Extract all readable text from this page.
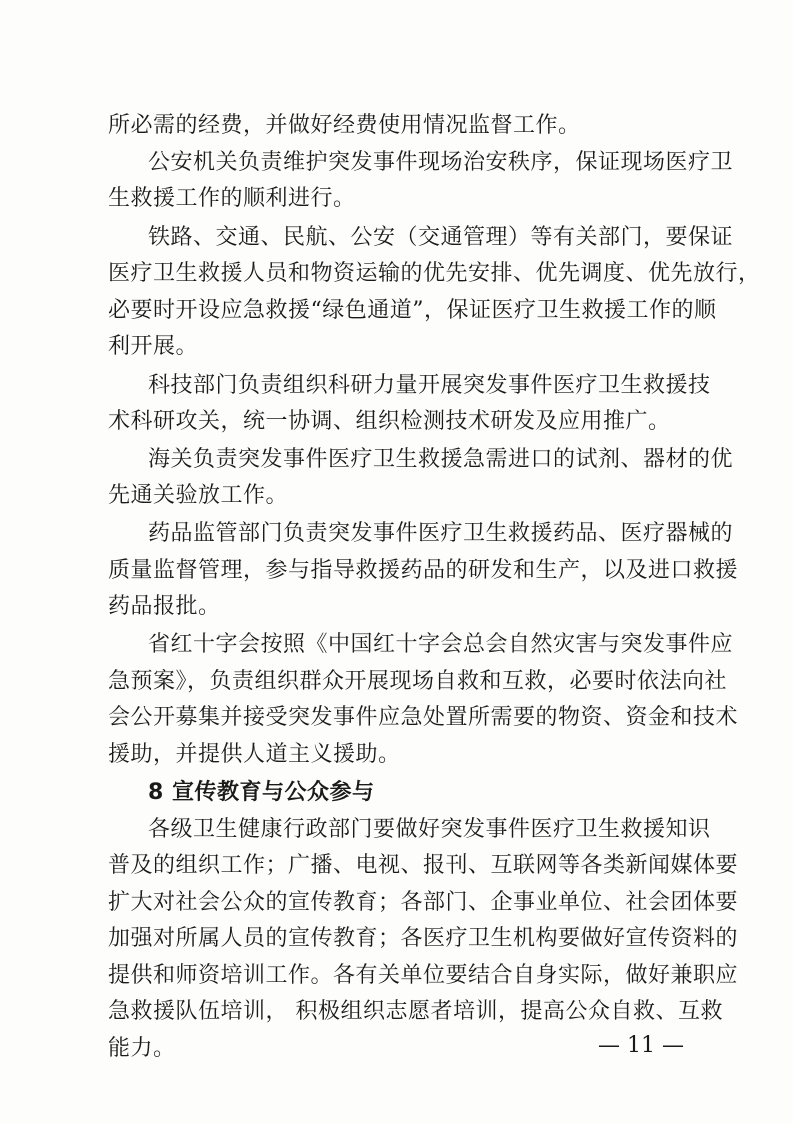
所必需的经费，并做好经费使用情况监督工作。
公安机关负责维护突发事件现场治安秩序，保证现场医疗卫
生救援工作的顺利进行。
铁路、交通、民航、公安（交通管理）等有关部门，要保证
医疗卫生救援人员和物资运输的优先安排、优先调度、优先放行，
必要时开设应急救援“绿色通道”，保证医疗卫生救援工作的顺
利开展。
科技部门负责组织科研力量开展突发事件医疗卫生救援技
术科研攻关，统一协调、组织检测技术研发及应用推广。
海关负责突发事件医疗卫生救援急需进口的试剂、器材的优
先通关验放工作。
药品监管部门负责突发事件医疗卫生救援药品、医疗器械的
质量监督管理，参与指导救援药品的研发和生产，以及进口救援
药品报批。
省红十字会按照《中国红十字会总会自然灾害与突发事件应
急预案》，负责组织群众开展现场自救和互救，必要时依法向社
会公开募集并接受突发事件应急处置所需要的物资、资金和技术
援助，并提供人道主义援助。
8 宣传教育与公众参与
各级卫生健康行政部门要做好突发事件医疗卫生救援知识
普及的组织工作；广播、电视、报刊、互联网等各类新闻媒体要
扩大对社会公众的宣传教育；各部门、企事业单位、社会团体要
加强对所属人员的宣传教育；各医疗卫生机构要做好宣传资料的
提供和师资培训工作。各有关单位要结合自身实际，做好兼职应
急救援队伍培训， 积极组织志愿者培训，提高公众自救、互救
能力。	— 11 —
